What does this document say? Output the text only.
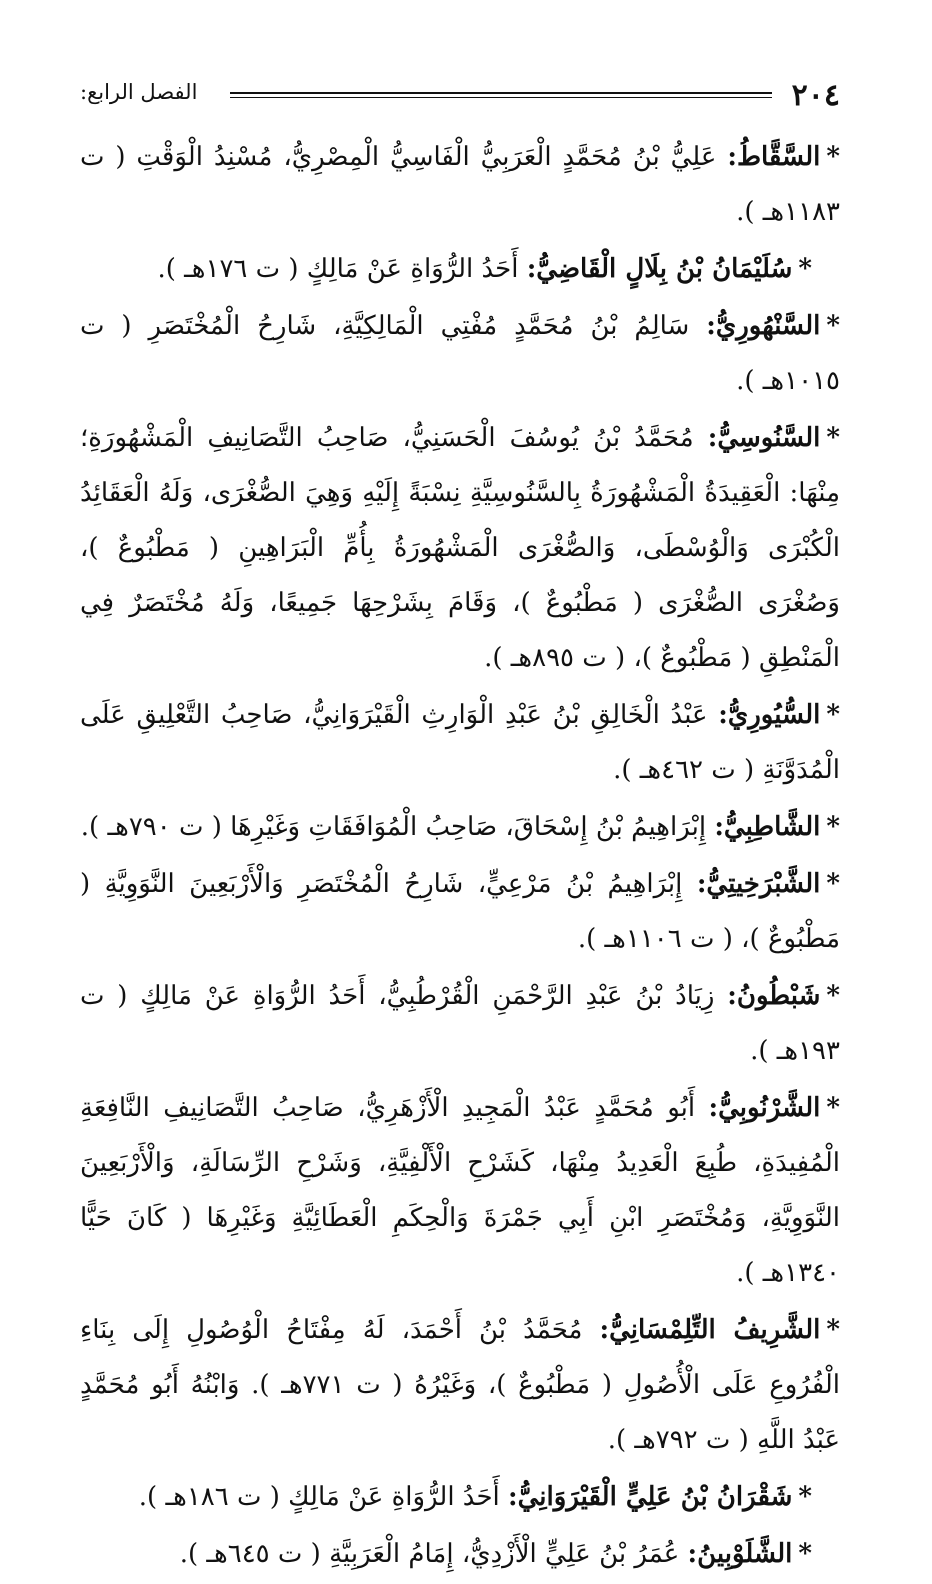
٢٠٤
الفصل الرابع:

*السَّقَّاطُ: عَلِيُّ بْنُ مُحَمَّدٍ الْعَرَبِيُّ الْفَاسِيُّ الْمِصْرِيُّ، مُسْنِدُ الْوَقْتِ ( ت ١١٨٣هـ ).

*سُلَيْمَانُ بْنُ بِلَالٍ الْقَاضِيُّ: أَحَدُ الرُّوَاةِ عَنْ مَالِكٍ ( ت ١٧٦هـ ).

*السَّنْهُورِيُّ: سَالِمُ بْنُ مُحَمَّدٍ مُفْتِي الْمَالِكِيَّةِ، شَارِحُ الْمُخْتَصَرِ ( ت ١٠١٥هـ ).

*السَّنُوسِيُّ: مُحَمَّدُ بْنُ يُوسُفَ الْحَسَنِيُّ، صَاحِبُ التَّصَانِيفِ الْمَشْهُورَةِ؛ مِنْهَا: الْعَقِيدَةُ الْمَشْهُورَةُ بِالسَّنُوسِيَّةِ نِسْبَةً إِلَيْهِ وَهِيَ الصُّغْرَى، وَلَهُ الْعَقَائِدُ الْكُبْرَى وَالْوُسْطَى، وَالصُّغْرَى الْمَشْهُورَةُ بِأُمِّ الْبَرَاهِينِ ( مَطْبُوعٌ )، وَصُغْرَى الصُّغْرَى ( مَطْبُوعٌ )، وَقَامَ بِشَرْحِهَا جَمِيعًا، وَلَهُ مُخْتَصَرٌ فِي الْمَنْطِقِ ( مَطْبُوعٌ )، ( ت ٨٩٥هـ ).

*السُّيُورِيُّ: عَبْدُ الْخَالِقِ بْنُ عَبْدِ الْوَارِثِ الْقَيْرَوَانِيُّ، صَاحِبُ التَّعْلِيقِ عَلَى الْمُدَوَّنَةِ ( ت ٤٦٢هـ ).

*الشَّاطِبِيُّ: إِبْرَاهِيمُ بْنُ إِسْحَاقَ، صَاحِبُ الْمُوَافَقَاتِ وَغَيْرِهَا ( ت ٧٩٠هـ ).

*الشَّبْرَخِيتِيُّ: إِبْرَاهِيمُ بْنُ مَرْعِيٍّ، شَارِحُ الْمُخْتَصَرِ وَالْأَرْبَعِينَ النَّوَوِيَّةِ ( مَطْبُوعٌ )، ( ت ١١٠٦هـ ).

*شَبْطُونُ: زِيَادُ بْنُ عَبْدِ الرَّحْمَنِ الْقُرْطُبِيُّ، أَحَدُ الرُّوَاةِ عَنْ مَالِكٍ ( ت ١٩٣هـ ).

*الشَّرْنُوبِيُّ: أَبُو مُحَمَّدٍ عَبْدُ الْمَجِيدِ الْأَزْهَرِيُّ، صَاحِبُ التَّصَانِيفِ النَّافِعَةِ الْمُفِيدَةِ، طُبِعَ الْعَدِيدُ مِنْهَا، كَشَرْحِ الْأَلْفِيَّةِ، وَشَرْحِ الرِّسَالَةِ، وَالْأَرْبَعِينَ النَّوَوِيَّةِ، وَمُخْتَصَرِ ابْنِ أَبِي جَمْرَةَ وَالْحِكَمِ الْعَطَائِيَّةِ وَغَيْرِهَا ( كَانَ حَيًّا ١٣٤٠هـ ).

*الشَّرِيفُ التِّلِمْسَانِيُّ: مُحَمَّدُ بْنُ أَحْمَدَ، لَهُ مِفْتَاحُ الْوُصُولِ إِلَى بِنَاءِ الْفُرُوعِ عَلَى الْأُصُولِ ( مَطْبُوعٌ )، وَغَيْرُهُ ( ت ٧٧١هـ ). وَابْنُهُ أَبُو مُحَمَّدٍ عَبْدُ اللَّهِ ( ت ٧٩٢هـ ).

*شَقْرَانُ بْنُ عَلِيٍّ الْقَيْرَوَانِيُّ: أَحَدُ الرُّوَاةِ عَنْ مَالِكٍ ( ت ١٨٦هـ ).

*الشَّلَوْبِينُ: عُمَرُ بْنُ عَلِيٍّ الْأَزْدِيُّ، إِمَامُ الْعَرَبِيَّةِ ( ت ٦٤٥هـ ).
